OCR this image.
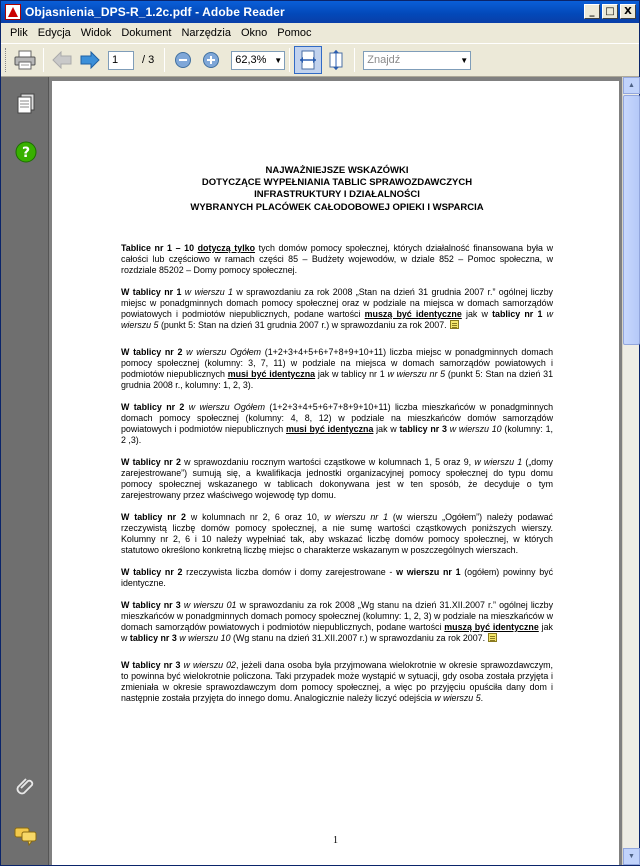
Objasnienia_DPS-R_1.2c.pdf - Adobe Reader	_	□ X
Plik Edycja Widok Dokument Narzędzia Okno Pomoc
1
/ 3	62,3% ▼	Znajdź	▼
?
NAJWAŻNIEJSZE WSKAZÓWKI
DOTYCZĄCE WYPEŁNIANIA TABLIC SPRAWOZDAWCZYCH
INFRASTRUKTURY I DZIAŁALNOŚCI
WYBRANYCH PLACÓWEK CAŁODOBOWEJ OPIEKI I WSPARCIA

Tablice nr 1 – 10 dotyczą tylko tych domów pomocy społecznej, których działalność finansowana była w całości lub częściowo w ramach części 85 – Budżety wojewodów, w dziale 852 – Pomoc społeczna, w rozdziale 85202 – Domy pomocy społecznej.

W tablicy nr 1 w wierszu 1 w sprawozdaniu za rok 2008 „Stan na dzień 31 grudnia 2007 r.” ogólnej liczby miejsc w ponadgminnych domach pomocy społecznej oraz w podziale na miejsca w domach samorządów powiatowych i podmiotów niepublicznych, podane wartości muszą być identyczne jak w tablicy nr 1 w wierszu 5 (punkt 5: Stan na dzień 31 grudnia 2007 r.) w sprawozdaniu za rok 2007.

W tablicy nr 2 w wierszu Ogółem (1+2+3+4+5+6+7+8+9+10+11) liczba miejsc w ponadgminnych domach pomocy społecznej (kolumny: 3, 7, 11) w podziale na miejsca w domach samorządów powiatowych i podmiotów niepublicznych musi być identyczna jak w tablicy nr 1 w wierszu nr 5 (punkt 5: Stan na dzień 31 grudnia 2008 r., kolumny: 1, 2, 3).

W tablicy nr 2 w wierszu Ogółem (1+2+3+4+5+6+7+8+9+10+11) liczba mieszkańców w ponadgminnych domach pomocy społecznej (kolumny: 4, 8, 12) w podziale na mieszkańców domów samorządów powiatowych i podmiotów niepublicznych musi być identyczna jak w tablicy nr 3 w wierszu 10 (kolumny: 1, 2 ,3).

W tablicy nr 2 w sprawozdaniu rocznym wartości cząstkowe w kolumnach 1, 5 oraz 9, w wierszu 1 („domy zarejestrowane”) sumują się, a kwalifikacja jednostki organizacyjnej pomocy społecznej do typu domu pomocy społecznej wskazanego w tablicach dokonywana jest w ten sposób, że decyduje o tym zarejestrowany przez właściwego wojewodę typ domu.

W tablicy nr 2 w kolumnach nr 2, 6 oraz 10, w wierszu nr 1 (w wierszu „Ogółem”) należy podawać rzeczywistą liczbę domów pomocy społecznej, a nie sumę wartości cząstkowych poniższych wierszy. Kolumny nr 2, 6 i 10 należy wypełniać tak, aby wskazać liczbę domów pomocy społecznej, w których statutowo określono konkretną liczbę miejsc o charakterze wskazanym w poszczególnych wierszach.

W tablicy nr 2 rzeczywista liczba domów i domy zarejestrowane - w wierszu nr 1 (ogółem) powinny być identyczne.

W tablicy nr 3 w wierszu 01 w sprawozdaniu za rok 2008 „Wg stanu na dzień 31.XII.2007 r.” ogólnej liczby mieszkańców w ponadgminnych domach pomocy społecznej (kolumny: 1, 2, 3) w podziale na mieszkańców w domach samorządów powiatowych i podmiotów niepublicznych, podane wartości muszą być identyczne jak w tablicy nr 3 w wierszu 10 (Wg stanu na dzień 31.XII.2007 r.) w sprawozdaniu za rok 2007.

W tablicy nr 3 w wierszu 02, jeżeli dana osoba była przyjmowana wielokrotnie w okresie sprawozdawczym, to powinna być wielokrotnie policzona. Taki przypadek może wystąpić w sytuacji, gdy osoba została przyjęta i zmieniała w okresie sprawozdawczym dom pomocy społecznej, a więc po przyjęciu opuściła dany dom i następnie została przyjęta do innego domu. Analogicznie należy liczyć odejścia w wierszu 5.

1
▲
▼
